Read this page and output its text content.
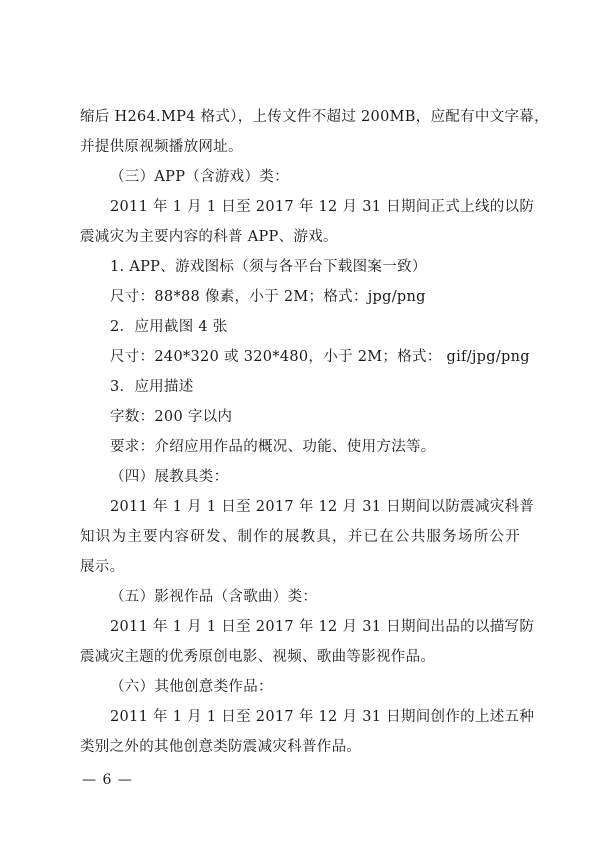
缩后 H264.MP4 格式），上传文件不超过 200MB，应配有中文字幕，
并提供原视频播放网址。
（三）APP（含游戏）类：
2011 年 1 月 1 日至 2017 年 12 月 31 日期间正式上线的以防
震减灾为主要内容的科普 APP、游戏。
1. APP、游戏图标（须与各平台下载图案一致）
尺寸：88*88 像素，小于 2M；格式：jpg/png
2．应用截图 4 张
尺寸：240*320 或 320*480，小于 2M；格式： gif/jpg/png
3．应用描述
字数：200 字以内
要求：介绍应用作品的概况、功能、使用方法等。
（四）展教具类：
2011 年 1 月 1 日至 2017 年 12 月 31 日期间以防震减灾科普
知识为主要内容研发、制作的展教具，并已在公共服务场所公开
展示。
（五）影视作品（含歌曲）类：
2011 年 1 月 1 日至 2017 年 12 月 31 日期间出品的以描写防
震减灾主题的优秀原创电影、视频、歌曲等影视作品。
（六）其他创意类作品：
2011 年 1 月 1 日至 2017 年 12 月 31 日期间创作的上述五种
类别之外的其他创意类防震减灾科普作品。
— 6 —
